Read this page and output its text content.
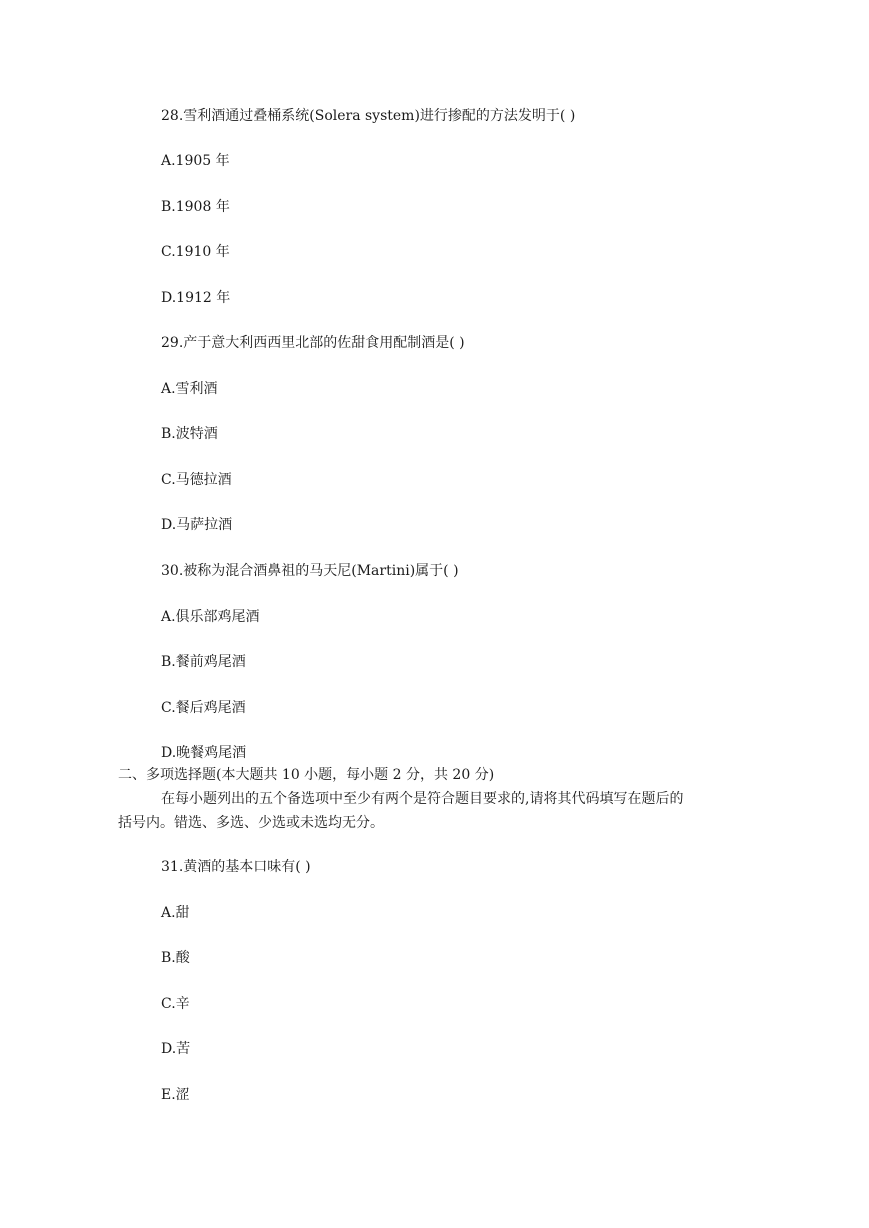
28.雪利酒通过叠桶系统(Solera system)进行掺配的方法发明于( )
A.1905 年
B.1908 年
C.1910 年
D.1912 年
29.产于意大利西西里北部的佐甜食用配制酒是( )
A.雪利酒
B.波特酒
C.马德拉酒
D.马萨拉酒
30.被称为混合酒鼻祖的马天尼(Martini)属于( )
A.俱乐部鸡尾酒
B.餐前鸡尾酒
C.餐后鸡尾酒
D.晚餐鸡尾酒
二、多项选择题(本大题共 10 小题，每小题 2 分，共 20 分)
在每小题列出的五个备选项中至少有两个是符合题目要求的,请将其代码填写在题后的
括号内。错选、多选、少选或未选均无分。
31.黄酒的基本口味有( )
A.甜
B.酸
C.辛
D.苦
E.涩
